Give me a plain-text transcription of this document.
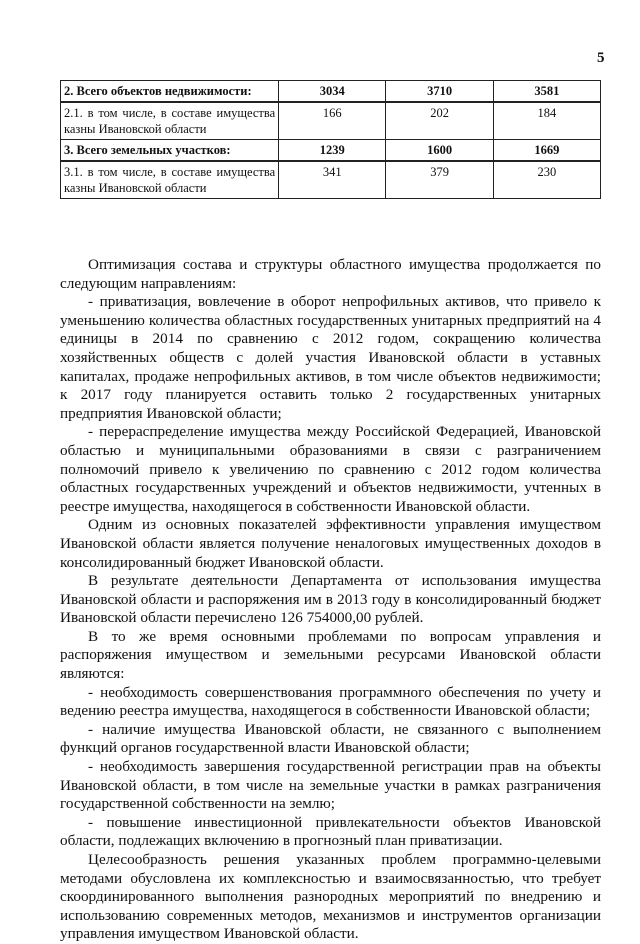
5
2. Всего объектов недвижимости:	3034	3710	3581
2.1. в том числе, в составе имущества казны Ивановской области	166	202	184
3. Всего земельных участков:	1239	1600	1669
3.1. в том числе, в составе имущества казны Ивановской области	341	379	230

Оптимизация состава и структуры областного имущества продолжается по следующим направлениям:

- приватизация, вовлечение в оборот непрофильных активов, что привело к уменьшению количества областных государственных унитарных предприятий на 4 единицы в 2014 по сравнению с 2012 годом, сокращению количества хозяйственных обществ с долей участия Ивановской области в уставных капиталах, продаже непрофильных активов, в том числе объектов недвижимости; к 2017 году планируется оставить только 2 государственных унитарных предприятия Ивановской области;

- перераспределение имущества между Российской Федерацией, Ивановской областью и муниципальными образованиями в связи с разграничением полномочий привело к увеличению по сравнению с 2012 годом количества областных государственных учреждений и объектов недвижимости, учтенных в реестре имущества, находящегося в собственности Ивановской области.

Одним из основных показателей эффективности управления имуществом Ивановской области является получение неналоговых имущественных доходов в консолидированный бюджет Ивановской области.

В результате деятельности Департамента от использования имущества Ивановской области и распоряжения им в 2013 году в консолидированный бюджет Ивановской области перечислено 126 754000,00 рублей.

В то же время основными проблемами по вопросам управления и распоряжения имуществом и земельными ресурсами Ивановской области являются:

- необходимость совершенствования программного обеспечения по учету и ведению реестра имущества, находящегося в собственности Ивановской области;

- наличие имущества Ивановской области, не связанного с выполнением функций органов государственной власти Ивановской области;

- необходимость завершения государственной регистрации прав на объекты Ивановской области, в том числе на земельные участки в рамках разграничения государственной собственности на землю;

- повышение инвестиционной привлекательности объектов Ивановской области, подлежащих включению в прогнозный план приватизации.

Целесообразность решения указанных проблем программно-целевыми методами обусловлена их комплексностью и взаимосвязанностью, что требует скоординированного выполнения разнородных мероприятий по внедрению и использованию современных методов, механизмов и инструментов организации управления имуществом Ивановской области.
